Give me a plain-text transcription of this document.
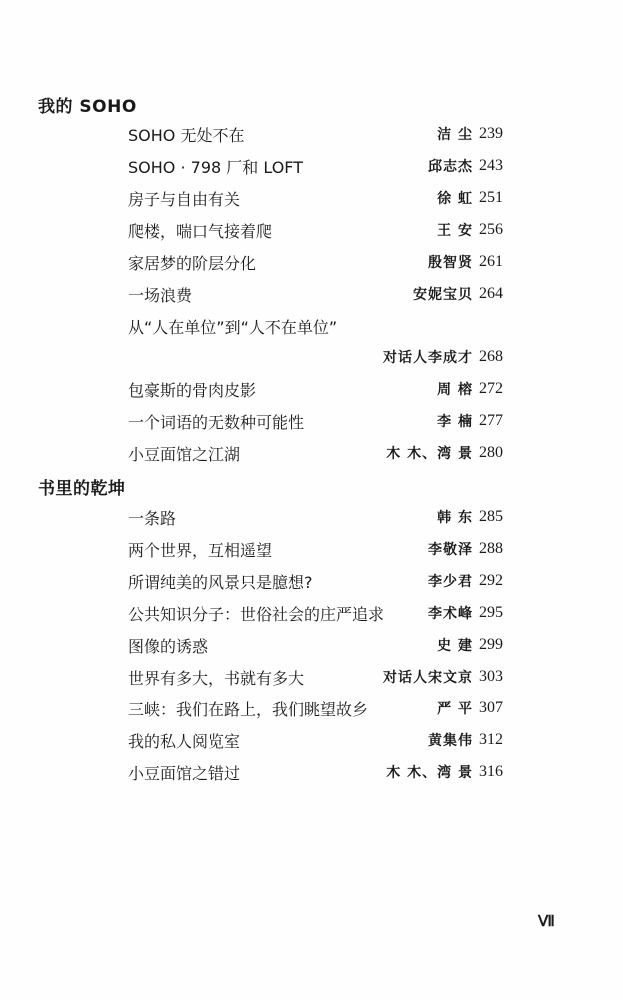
我的 SOHO
SOHO 无处不在	洁 尘 239
SOHO · 798 厂和 LOFT	邱志杰 243
房子与自由有关	徐 虹 251
爬楼，喘口气接着爬	王 安 256
家居梦的阶层分化	殷智贤 261
一场浪费	安妮宝贝 264
从“人在单位”到“人不在单位”
对话人李成才 268
包豪斯的骨肉皮影	周 榕 272
一个词语的无数种可能性	李 楠 277
小豆面馆之江湖	木 木、湾 景 280
书里的乾坤
一条路	韩 东 285
两个世界，互相遥望	李敬泽 288
所谓纯美的风景只是臆想?	李少君 292
公共知识分子：世俗社会的庄严追求	李术峰 295
图像的诱惑	史 建 299
世界有多大，书就有多大	对话人宋文京 303
三峡：我们在路上，我们眺望故乡	严 平 307
我的私人阅览室	黄集伟 312
小豆面馆之错过	木 木、湾 景 316
Ⅶ
